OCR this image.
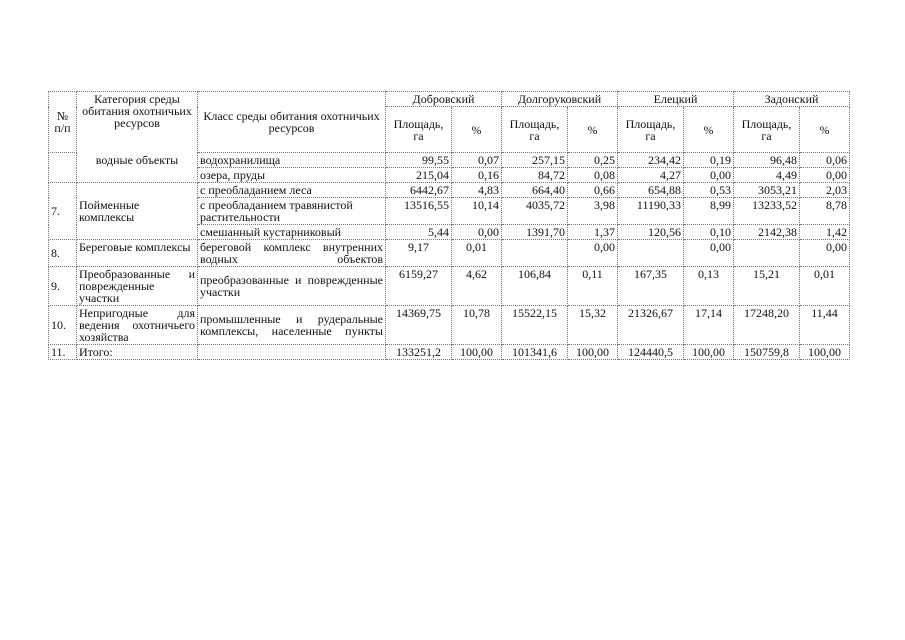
№ п/п	Категория среды обитания охотничьих ресурсов	Класс среды обитания охотничьих ресурсов	Добровский		Долгоруковский		Елецкий		Задонский	
			Площадь, га	%	Площадь, га	%	Площадь, га	%	Площадь, га	%
	водные объекты	водохранилища	99,55	0,07	257,15	0,25	234,42	0,19	96,48	0,06
		озера, пруды	215,04	0,16	84,72	0,08	4,27	0,00	4,49	0,00
7.	Пойменные комплексы	с преобладанием леса	6442,67	4,83	664,40	0,66	654,88	0,53	3053,21	2,03
		с преобладанием травянистой растительности	13516,55	10,14	4035,72	3,98	11190,33	8,99	13233,52	8,78
		смешанный кустарниковый	5,44	0,00	1391,70	1,37	120,56	0,10	2142,38	1,42
8.	Береговые комплексы	береговой комплекс внутренних водных объектов	9,17	0,01		0,00		0,00		0,00
9.	Преобразованные и поврежденные участки	преобразованные и поврежденные участки	6159,27	4,62	106,84	0,11	167,35	0,13	15,21	0,01
10.	Непригодные для ведения охотничьего хозяйства	промышленные и рудеральные комплексы, населенные пункты	14369,75	10,78	15522,15	15,32	21326,67	17,14	17248,20	11,44
11.	Итого:		133251,2	100,00	101341,6	100,00	124440,5	100,00	150759,8	100,00
